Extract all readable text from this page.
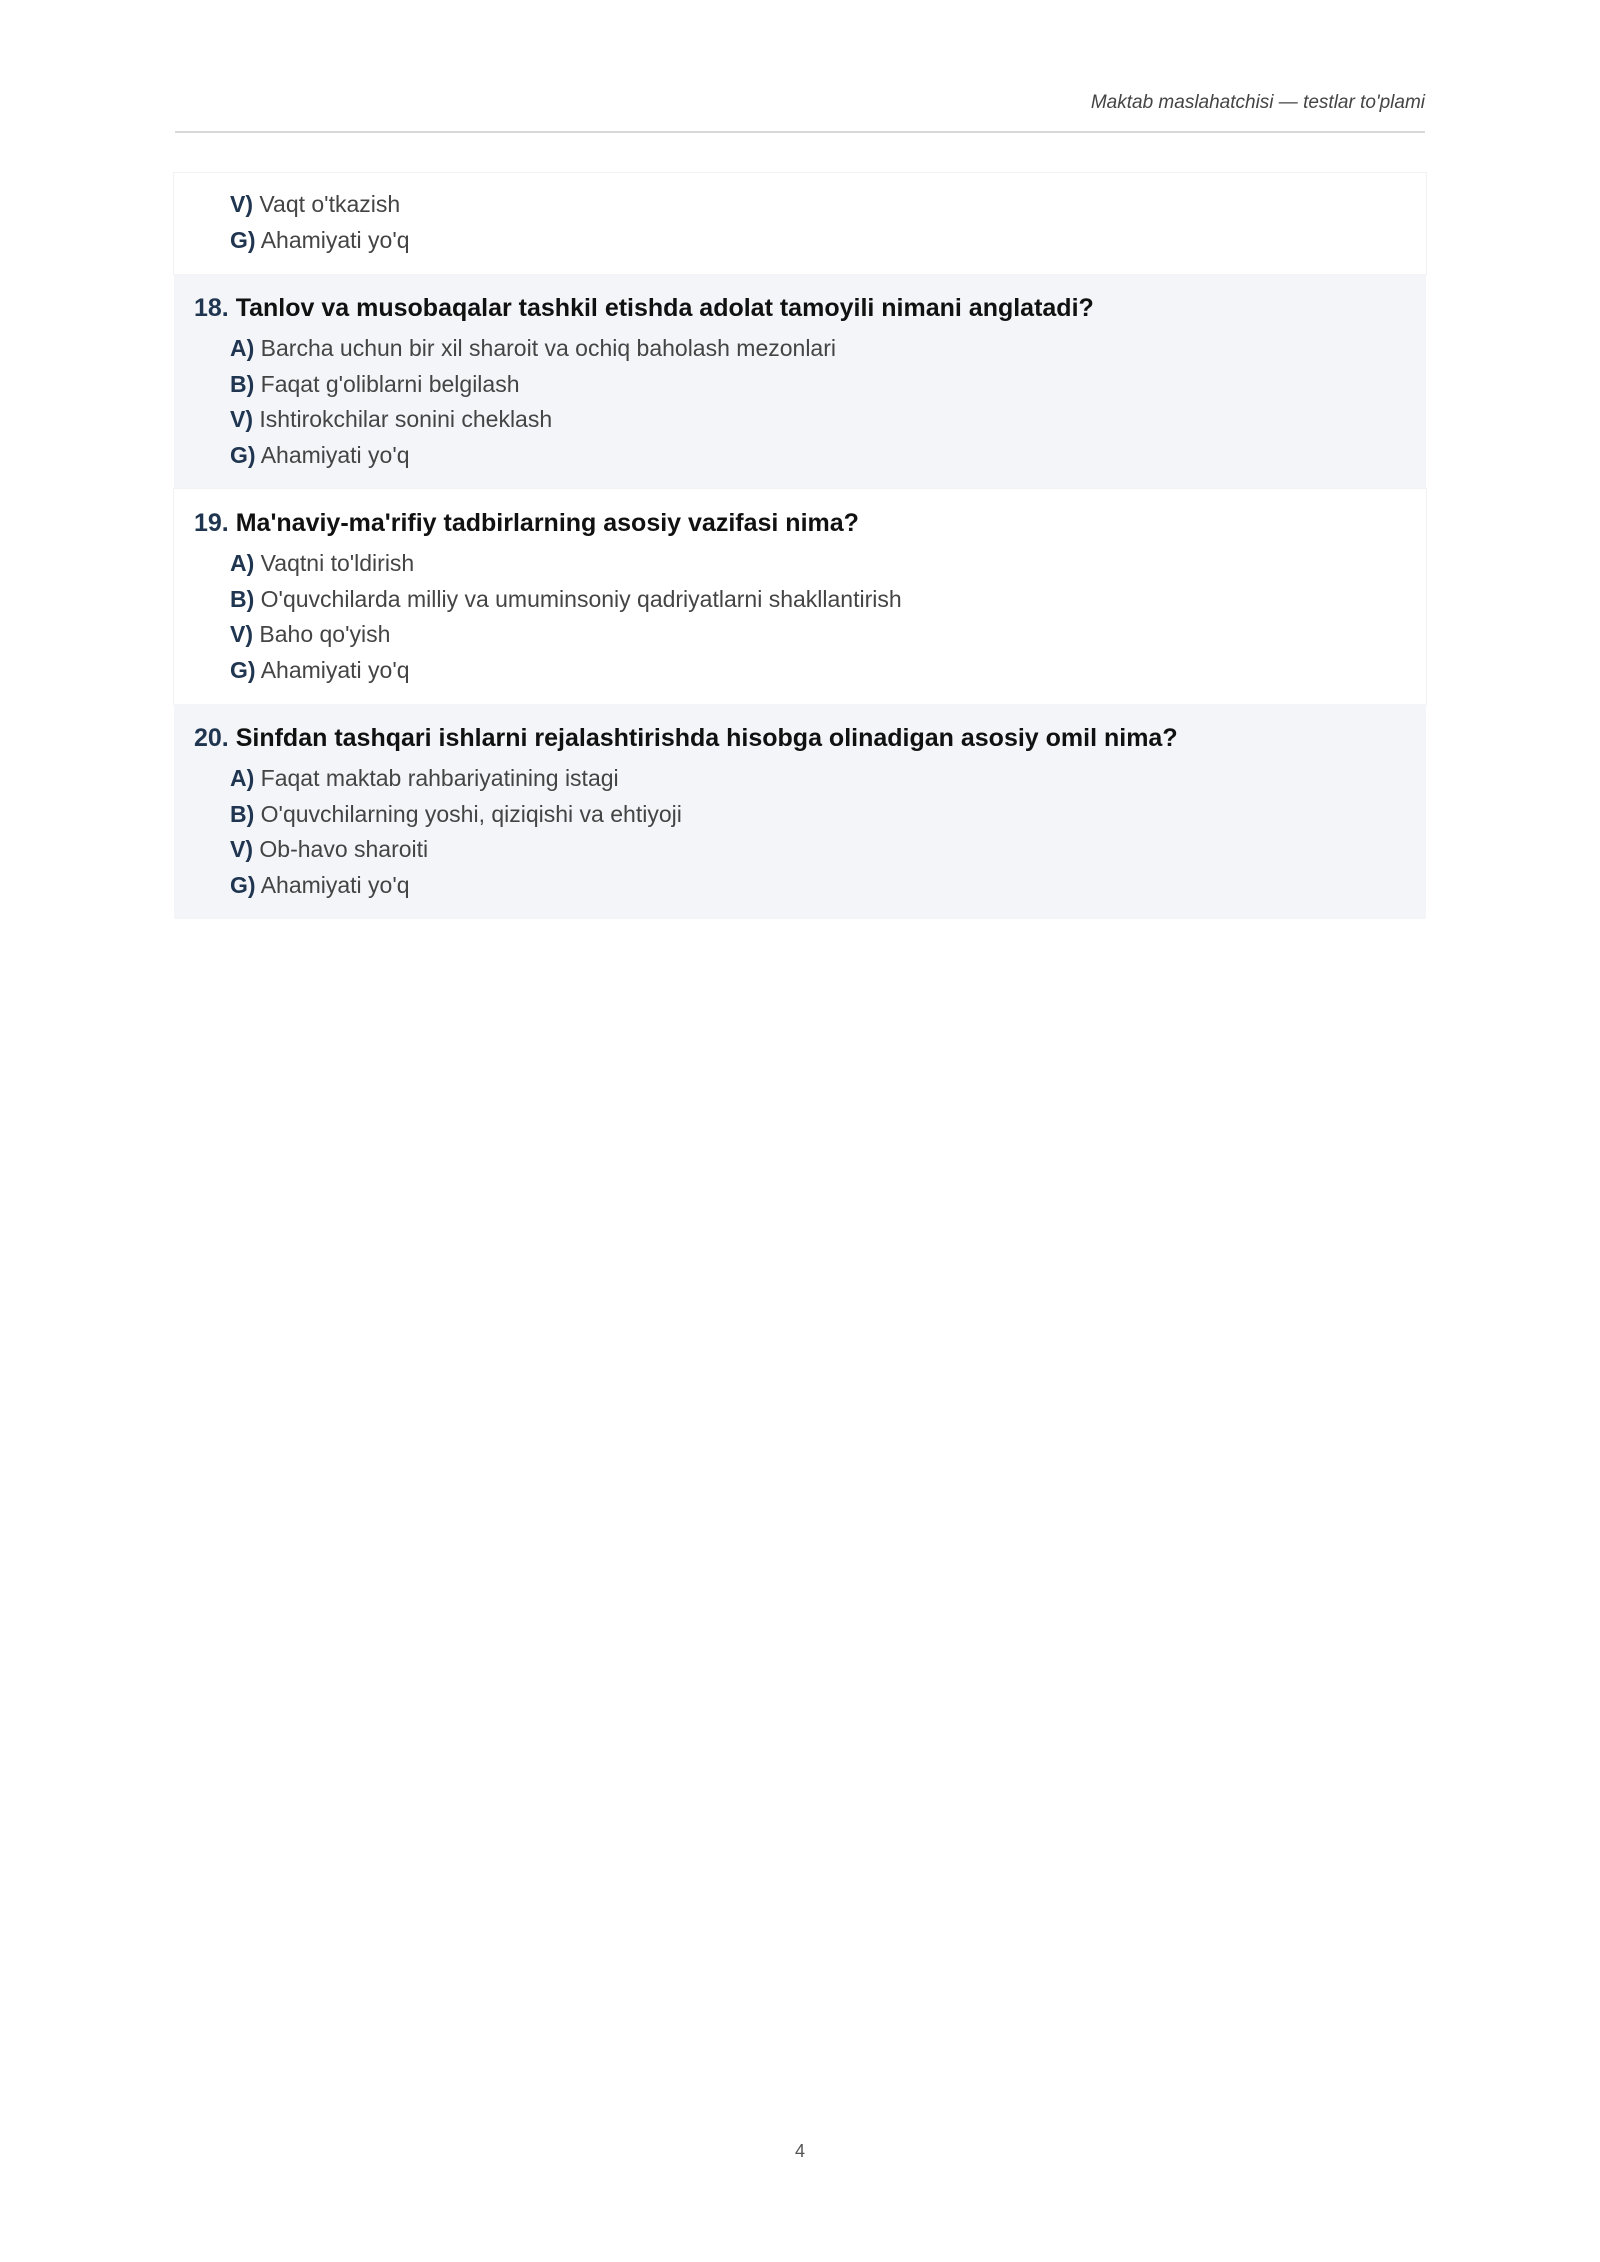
Maktab maslahatchisi — testlar to'plami
V) Vaqt o'tkazish
G) Ahamiyati yo'q
18. Tanlov va musobaqalar tashkil etishda adolat tamoyili nimani anglatadi?
A) Barcha uchun bir xil sharoit va ochiq baholash mezonlari
B) Faqat g'oliblarni belgilash
V) Ishtirokchilar sonini cheklash
G) Ahamiyati yo'q
19. Ma'naviy-ma'rifiy tadbirlarning asosiy vazifasi nima?
A) Vaqtni to'ldirish
B) O'quvchilarda milliy va umuminsoniy qadriyatlarni shakllantirish
V) Baho qo'yish
G) Ahamiyati yo'q
20. Sinfdan tashqari ishlarni rejalashtirishda hisobga olinadigan asosiy omil nima?
A) Faqat maktab rahbariyatining istagi
B) O'quvchilarning yoshi, qiziqishi va ehtiyoji
V) Ob-havo sharoiti
G) Ahamiyati yo'q
4
